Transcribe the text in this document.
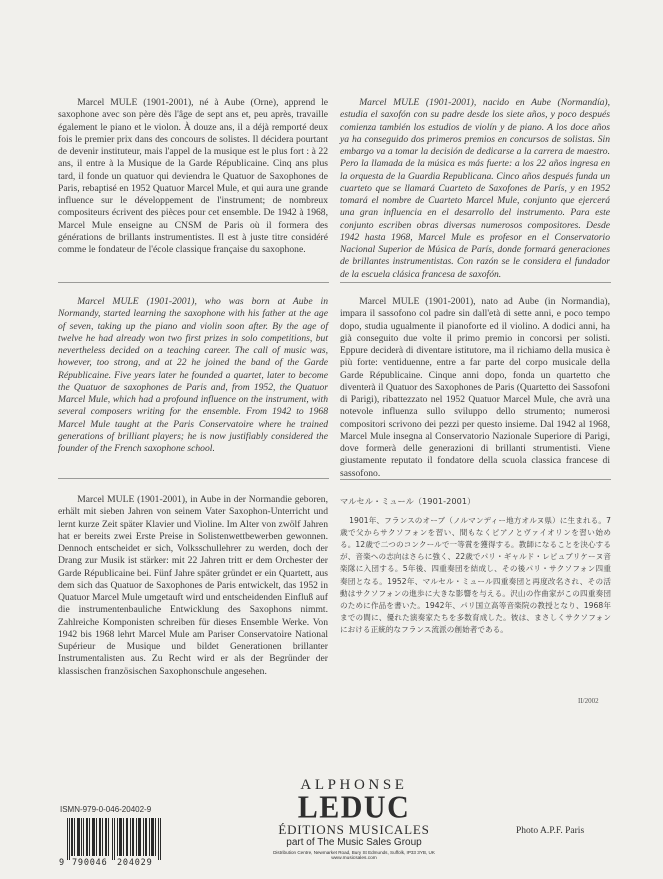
Marcel MULE (1901-2001), né à Aube (Orne), apprend le saxophone avec son père dès l'âge de sept ans et, peu après, travaille également le piano et le violon. À douze ans, il a déjà remporté deux fois le premier prix dans des concours de solistes. Il décidera pourtant de devenir instituteur, mais l'appel de la musique est le plus fort : à 22 ans, il entre à la Musique de la Garde Républicaine. Cinq ans plus tard, il fonde un quatuor qui deviendra le Quatuor de Saxophones de Paris, rebaptisé en 1952 Quatuor Marcel Mule, et qui aura une grande influence sur le développement de l'instrument; de nombreux compositeurs écrivent des pièces pour cet ensemble. De 1942 à 1968, Marcel Mule enseigne au CNSM de Paris où il formera des générations de brillants instrumentistes. Il est à juste titre considéré comme le fondateur de l'école classique française du saxophone.

Marcel MULE (1901-2001), who was born at Aube in Normandy, started learning the saxophone with his father at the age of seven, taking up the piano and violin soon after. By the age of twelve he had already won two first prizes in solo competitions, but nevertheless decided on a teaching career. The call of music was, however, too strong, and at 22 he joined the band of the Garde Républicaine. Five years later he founded a quartet, later to become the Quatuor de saxophones de Paris and, from 1952, the Quatuor Marcel Mule, which had a profound influence on the instrument, with several composers writing for the ensemble. From 1942 to 1968 Marcel Mule taught at the Paris Conservatoire where he trained generations of brilliant players; he is now justifiably considered the founder of the French saxophone school.

Marcel MULE (1901-2001), in Aube in der Normandie geboren, erhält mit sieben Jahren von seinem Vater Saxophon-Unterricht und lernt kurze Zeit später Klavier und Violine. Im Alter von zwölf Jahren hat er bereits zwei Erste Preise in Solistenwettbewerben gewonnen. Dennoch entscheidet er sich, Volksschullehrer zu werden, doch der Drang zur Musik ist stärker: mit 22 Jahren tritt er dem Orchester der Garde Républicaine bei. Fünf Jahre später gründet er ein Quartett, aus dem sich das Quatuor de Saxophones de Paris entwickelt, das 1952 in Quatuor Marcel Mule umgetauft wird und entscheidenden Einfluß auf die instrumentenbauliche Entwicklung des Saxophons nimmt. Zahlreiche Komponisten schreiben für dieses Ensemble Werke. Von 1942 bis 1968 lehrt Marcel Mule am Pariser Conservatoire National Supérieur de Musique und bildet Generationen brillanter Instrumentalisten aus. Zu Recht wird er als der Begründer der klassischen französischen Saxophonschule angesehen.

Marcel MULE (1901-2001), nacido en Aube (Normandía), estudia el saxofón con su padre desde los siete años, y poco después comienza también los estudios de violín y de piano. A los doce años ya ha conseguido dos primeros premios en concursos de solistas. Sin embargo va a tomar la decisión de dedicarse a la carrera de maestro. Pero la llamada de la música es más fuerte: a los 22 años ingresa en la orquesta de la Guardia Republicana. Cinco años después funda un cuarteto que se llamará Cuarteto de Saxofones de París, y en 1952 tomará el nombre de Cuarteto Marcel Mule, conjunto que ejercerá una gran influencia en el desarrollo del instrumento. Para este conjunto escriben obras diversas numerosos compositores. Desde 1942 hasta 1968, Marcel Mule es profesor en el Conservatorio Nacional Superior de Música de París, donde formará generaciones de brillantes instrumentistas. Con razón se le considera el fundador de la escuela clásica francesa de saxofón.

Marcel MULE (1901-2001), nato ad Aube (in Normandia), impara il sassofono col padre sin dall'età di sette anni, e poco tempo dopo, studia ugualmente il pianoforte ed il violino. A dodici anni, ha già conseguito due volte il primo premio in concorsi per solisti. Eppure deciderà di diventare istitutore, ma il richiamo della musica è più forte: ventiduenne, entre a far parte del corpo musicale della Garde Républicaine. Cinque anni dopo, fonda un quartetto che diventerà il Quatuor des Saxophones de Paris (Quartetto dei Sassofoni di Parigi), ribattezzato nel 1952 Quatuor Marcel Mule, che avrà una notevole influenza sullo sviluppo dello strumento; numerosi compositori scrivono dei pezzi per questo insieme. Dal 1942 al 1968, Marcel Mule insegna al Conservatorio Nazionale Superiore di Parigi, dove formerà delle generazioni di brillanti strumentisti. Viene giustamente reputato il fondatore della scuola classica francese di sassofono.

マルセル・ミュール（1901-2001）

1901年、フランスのオーブ（ノルマンディー地方オルヌ県）に生まれる。7歳で父からサクソフォンを習い、間もなくピアノとヴァイオリンを習い始める。12歳で二つのコンクールで一等賞を獲得する。教師になることを決心するが、音楽への志向はさらに強く、22歳でパリ・ギャルド・レピュブリケーヌ音楽隊に入団する。5年後、四重奏団を結成し、その後パリ・サクソフォン四重奏団となる。1952年、マルセル・ミュール四重奏団と再度改名され、その活動はサクソフォンの進歩に大きな影響を与える。沢山の作曲家がこの四重奏団のために作品を書いた。1942年、パリ国立高等音楽院の教授となり、1968年までの間に、優れた演奏家たちを多数育成した。彼は、まさしくサクソフォンにおける正統的なフランス流派の創始者である。

II/2002
ISMN-979-0-046-20402-9
9 790046 204029
ALPHONSE
LEDUC
ÉDITIONS MUSICALES
part of The Music Sales Group
Distribution Centre, Newmarket Road, Bury St Edmunds, Suffolk, IP33 3YB, UK
www.musicsales.com
Photo A.P.F. Paris
